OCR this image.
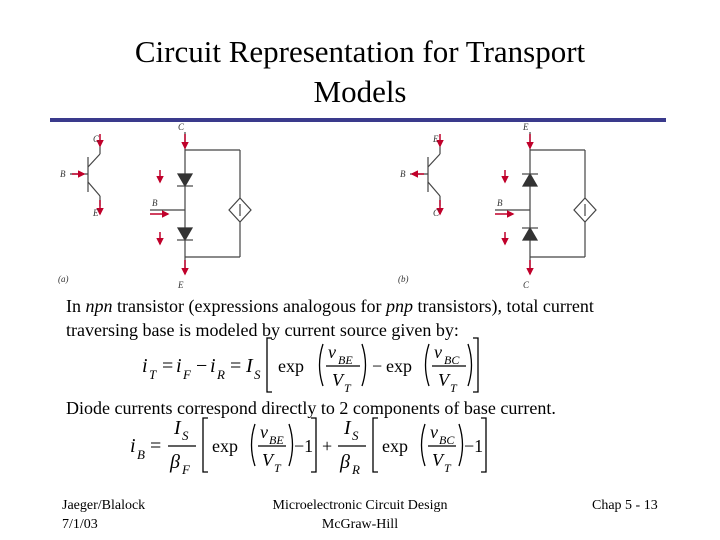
Circuit Representation for Transport
Models
C
B
E
C
B
E
(a)
E
B
C
E
B
C
(b)
In npn transistor (expressions analogous for pnp transistors), total current traversing base is modeled by current source given by:
i T = i F − i R = I S exp
v BE
V T
− exp
v BC
V T
Diode currents correspond directly to 2 components of base current.
i B =
I S
β F
I S
β R
exp
v BE
V T
−1 +	exp
v BC
V T
−1
Jaeger/Blalock
7/1/03
Microelectronic Circuit Design
McGraw-Hill
Chap 5 - 13
